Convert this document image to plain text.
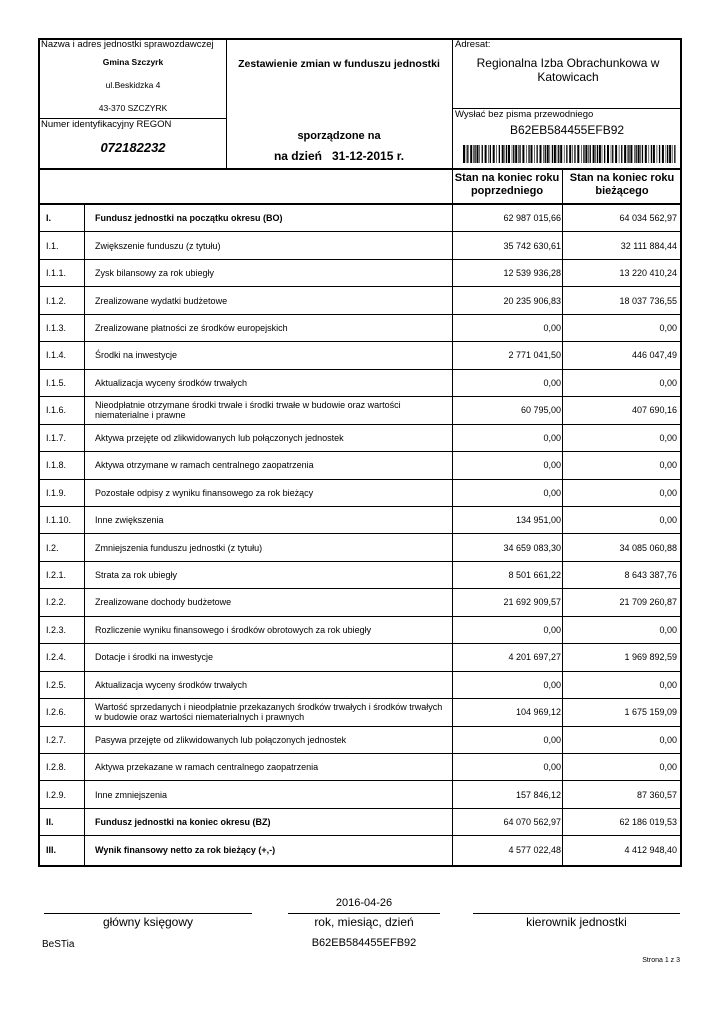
Nazwa i adres jednostki sprawozdawczej
Gmina Szczyrk
ul.Beskidzka 4
43-370 SZCZYRK
Numer identyfikacyjny REGON
072182232
Zestawienie zmian w funduszu jednostki
sporządzone na
na dzień 31-12-2015 r.
Adresat:
Regionalna Izba Obrachunkowa w Katowicach
Wysłać bez pisma przewodniego
B62EB584455EFB92
Stan na koniec roku poprzedniego
Stan na koniec roku bieżącego
I.	Fundusz jednostki na początku okresu (BO)	62 987 015,66	64 034 562,97
I.1.	Zwiększenie funduszu (z tytułu)	35 742 630,61	32 111 884,44
I.1.1.	Zysk bilansowy za rok ubiegły	12 539 936,28	13 220 410,24
I.1.2.	Zrealizowane wydatki budżetowe	20 235 906,83	18 037 736,55
I.1.3.	Zrealizowane płatności ze środków europejskich	0,00	0,00
I.1.4.	Środki na inwestycje	2 771 041,50	446 047,49
I.1.5.	Aktualizacja wyceny środków trwałych	0,00	0,00
I.1.6.	Nieodpłatnie otrzymane środki trwałe i środki trwałe w budowie oraz wartości niematerialne i prawne	60 795,00	407 690,16
I.1.7.	Aktywa przejęte od zlikwidowanych lub połączonych jednostek	0,00	0,00
I.1.8.	Aktywa otrzymane w ramach centralnego zaopatrzenia	0,00	0,00
I.1.9.	Pozostałe odpisy z wyniku finansowego za rok bieżący	0,00	0,00
I.1.10.	Inne zwiększenia	134 951,00	0,00
I.2.	Zmniejszenia funduszu jednostki (z tytułu)	34 659 083,30	34 085 060,88
I.2.1.	Strata za rok ubiegły	8 501 661,22	8 643 387,76
I.2.2.	Zrealizowane dochody budżetowe	21 692 909,57	21 709 260,87
I.2.3.	Rozliczenie wyniku finansowego i środków obrotowych za rok ubiegły	0,00	0,00
I.2.4.	Dotacje i środki na inwestycje	4 201 697,27	1 969 892,59
I.2.5.	Aktualizacja wyceny środków trwałych	0,00	0,00
I.2.6.	Wartość sprzedanych i nieodpłatnie przekazanych środków trwałych i środków trwałych w budowie oraz wartości niematerialnych i prawnych	104 969,12	1 675 159,09
I.2.7.	Pasywa przejęte od zlikwidowanych lub połączonych jednostek	0,00	0,00
I.2.8.	Aktywa przekazane w ramach centralnego zaopatrzenia	0,00	0,00
I.2.9.	Inne zmniejszenia	157 846,12	87 360,57
II.	Fundusz jednostki na koniec okresu (BZ)	64 070 562,97	62 186 019,53
III.	Wynik finansowy netto za rok bieżący (+,-)	4 577 022,48	4 412 948,40
2016-04-26
główny księgowy	rok, miesiąc, dzień	kierownik jednostki
BeSTia	B62EB584455EFB92
Strona 1 z 3
